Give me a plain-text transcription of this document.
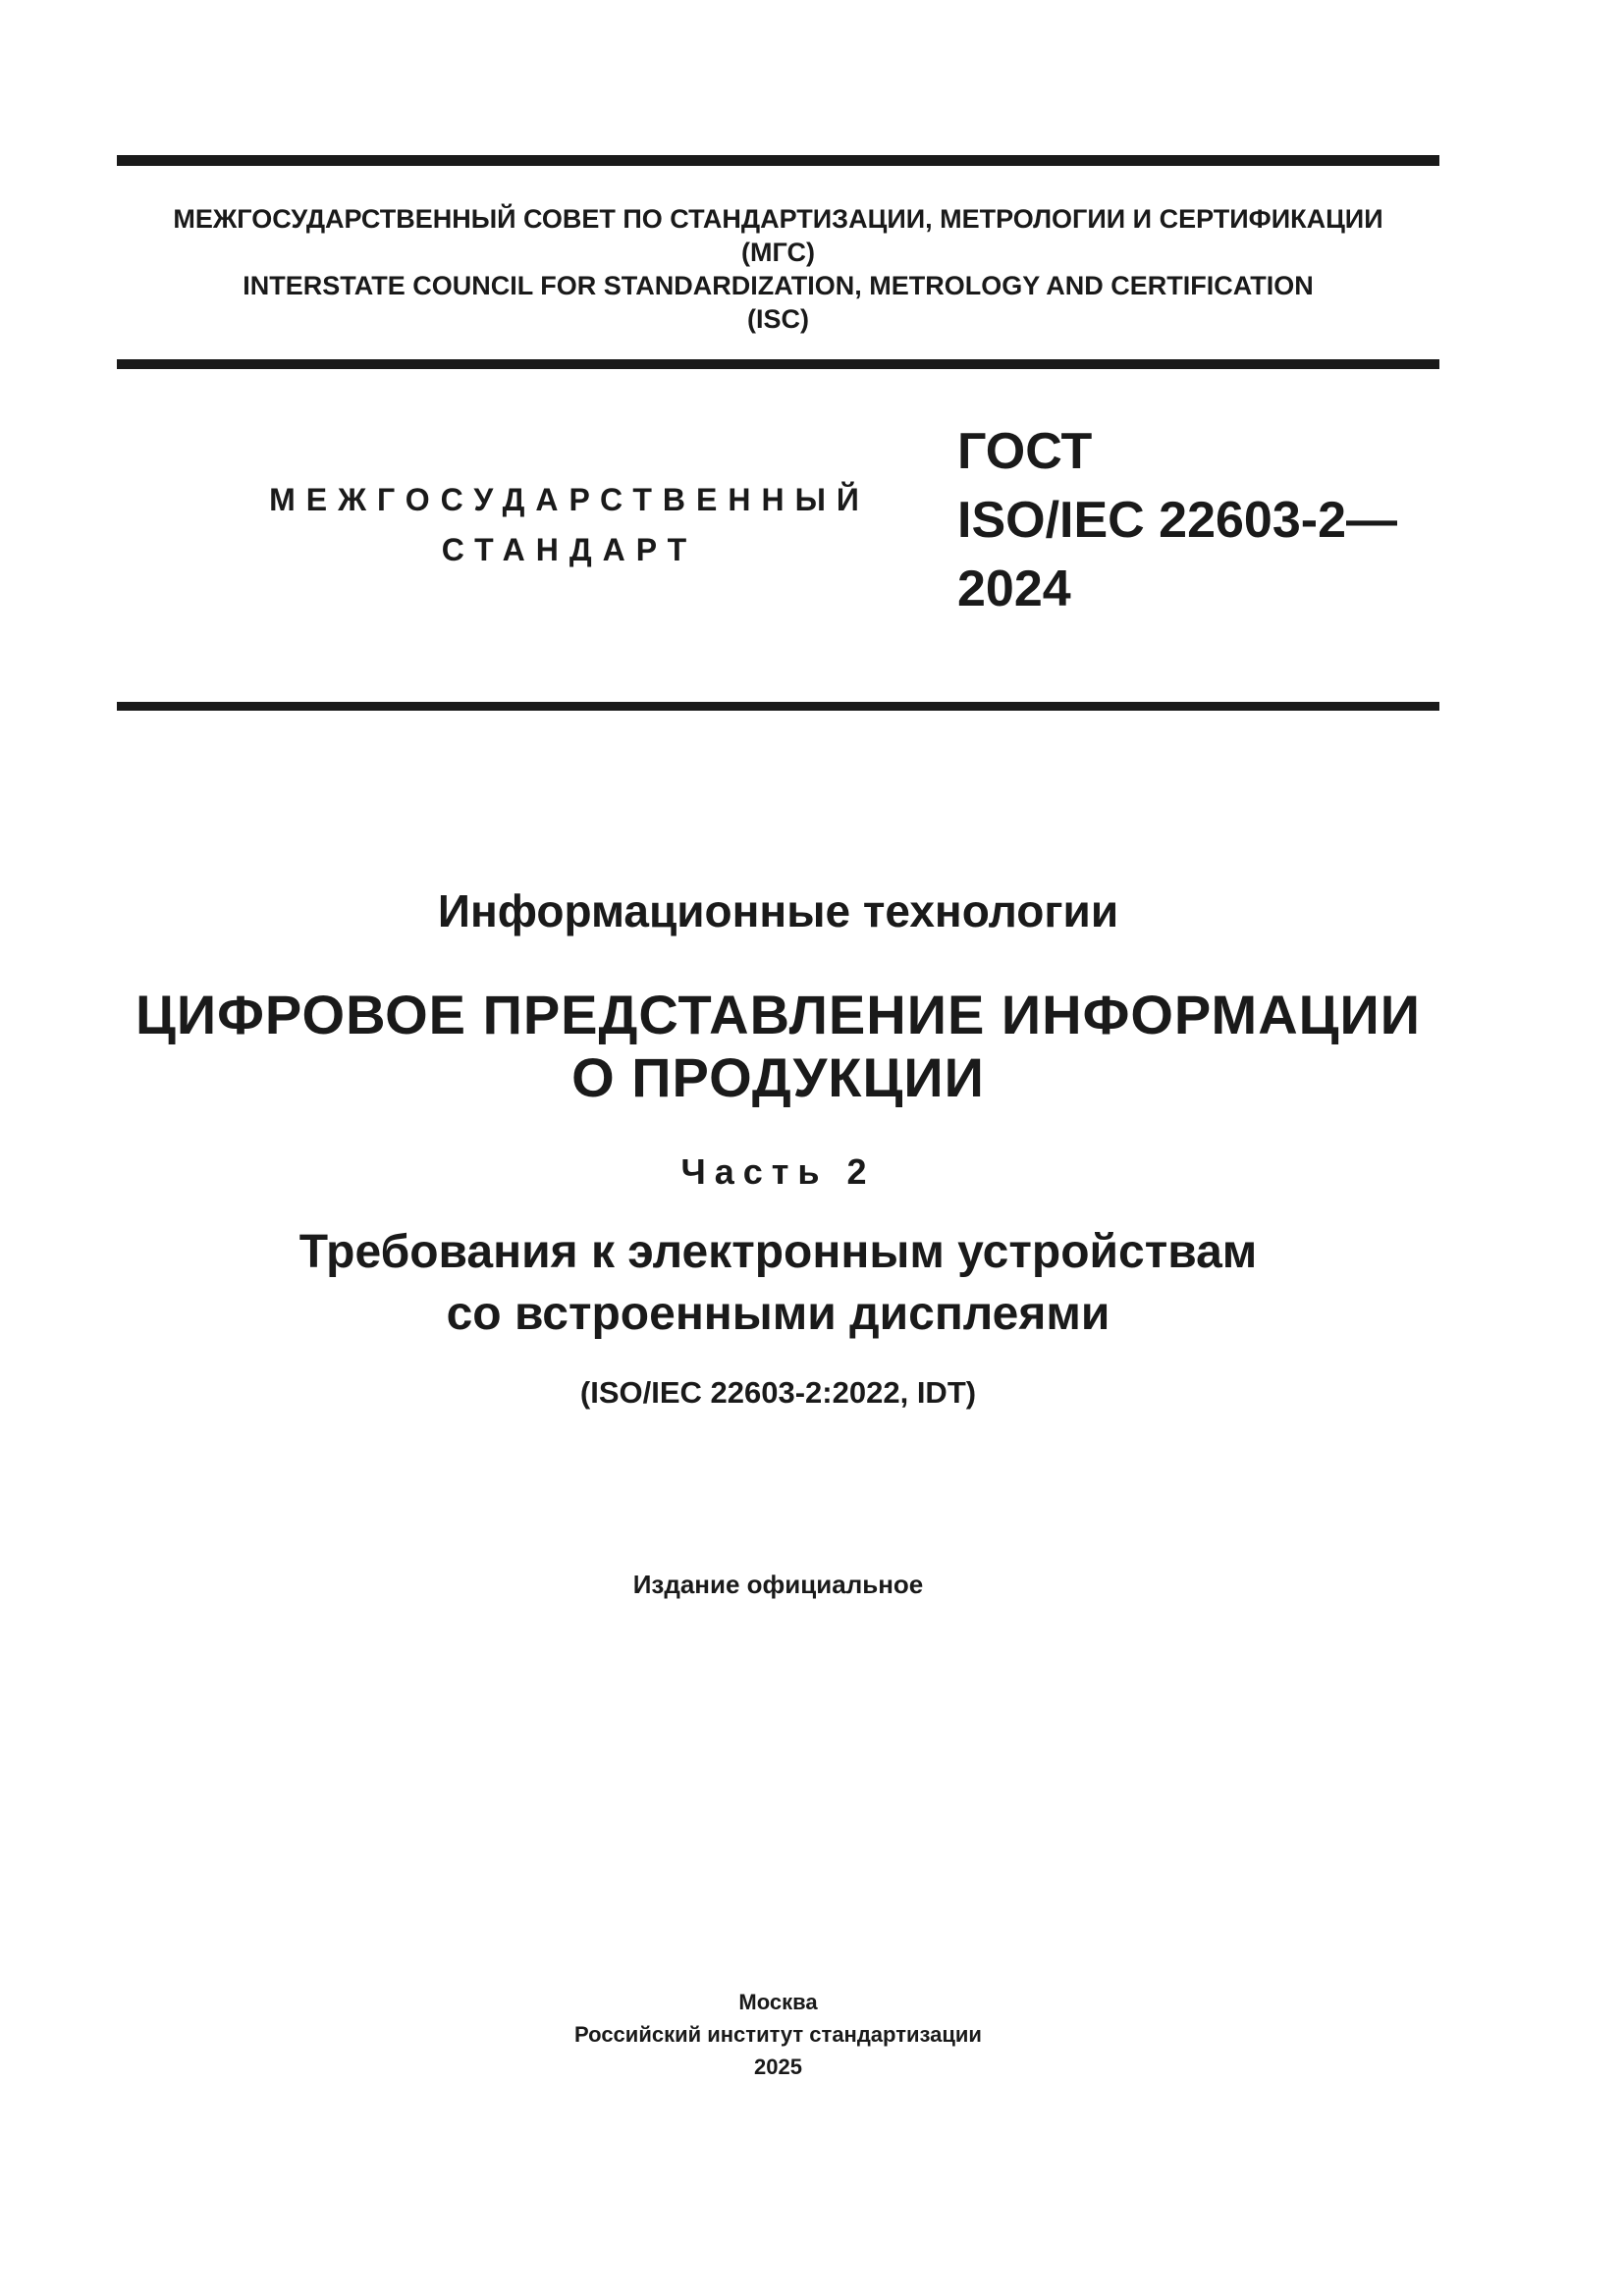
МЕЖГОСУДАРСТВЕННЫЙ СОВЕТ ПО СТАНДАРТИЗАЦИИ, МЕТРОЛОГИИ И СЕРТИФИКАЦИИ
(МГС)
INTERSTATE COUNCIL FOR STANDARDIZATION, METROLOGY AND CERTIFICATION
(ISC)
МЕЖГОСУДАРСТВЕННЫЙ
СТАНДАРТ
ГОСТ
ISO/IEC 22603-2—
2024
Информационные технологии
ЦИФРОВОЕ ПРЕДСТАВЛЕНИЕ ИНФОРМАЦИИ
О ПРОДУКЦИИ
Часть 2
Требования к электронным устройствам
со встроенными дисплеями
(ISO/IEC 22603-2:2022, IDT)
Издание официальное
Москва
Российский институт стандартизации
2025
